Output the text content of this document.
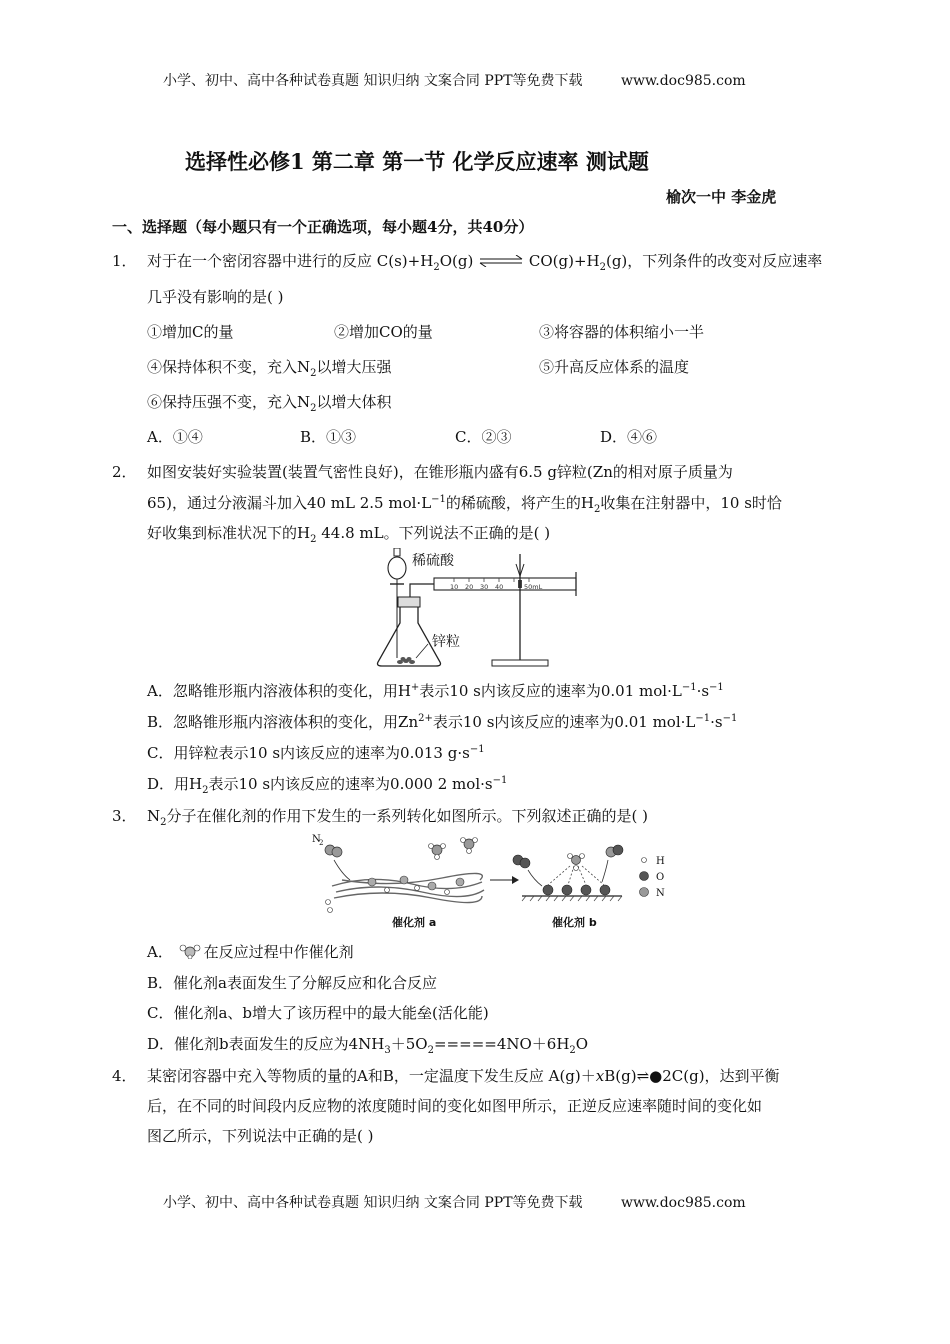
小学、初中、高中各种试卷真题 知识归纳 文案合同 PPT等免费下载	www.doc985.com
选择性必修1 第二章 第一节 化学反应速率 测试题
榆次一中 李金虎
一、选择题（每小题只有一个正确选项，每小题4分，共40分）
1． 对于在一个密闭容器中进行的反应 $C(s)+H_2O(g)$ ⇌ $CO(g)+H_2(g)$，下列条件的改变对反应速率
几乎没有影响的是( )
①增加C的量	②增加CO的量	③将容器的体积缩小一半
④保持体积不变，充入$N_2$以增大压强	⑤升高反应体系的温度
⑥保持压强不变，充入$N_2$以增大体积
A．①④	B．①③	C．②③	D．④⑥
2． 如图安装好实验装置(装置气密性良好)，在锥形瓶内盛有6.5 g锌粒(Zn的相对原子质量为
65)，通过分液漏斗加入40 mL 2.5 $mol\cdot L^{-1}$的稀硫酸，将产生的$H_2$收集在注射器中，10 s时恰
好收集到标准状况下的$H_2$ 44.8 mL。下列说法不正确的是( )
10 20 30 40	50mL
稀硫酸
锌粒
A．忽略锥形瓶内溶液体积的变化，用H+表示10 s内该反应的速率为0.01 $mol\cdot L^{-1}\cdot s^{-1}$
B．忽略锥形瓶内溶液体积的变化，用$Zn^{2+}$表示10 s内该反应的速率为0.01 $mol\cdot L^{-1}\cdot s^{-1}$
C．用锌粒表示10 s内该反应的速率为0.013 $g\cdot s^{-1}$
D．用$H_2$表示10 s内该反应的速率为0.000 2 $mol\cdot s^{-1}$
3． $N_2$分子在催化剂的作用下发生的一系列转化如图所示。下列叙述正确的是( )
N
2
催化剂 a	催化剂 b
H
O
N
A． 在反应过程中作催化剂
B．催化剂a表面发生了分解反应和化合反应
C．催化剂a、b增大了该历程中的最大能垒(活化能)
D．催化剂b表面发生的反应为$4NH_3+5O_2=====4NO+6H_2O$
4． 某密闭容器中充入等物质的量的A和B，一定温度下发生反应 A(g)＋xB(g)⇌●2C(g)，达到平衡
后，在不同的时间段内反应物的浓度随时间的变化如图甲所示，正逆反应速率随时间的变化如
图乙所示，下列说法中正确的是( )
小学、初中、高中各种试卷真题 知识归纳 文案合同 PPT等免费下载	www.doc985.com
